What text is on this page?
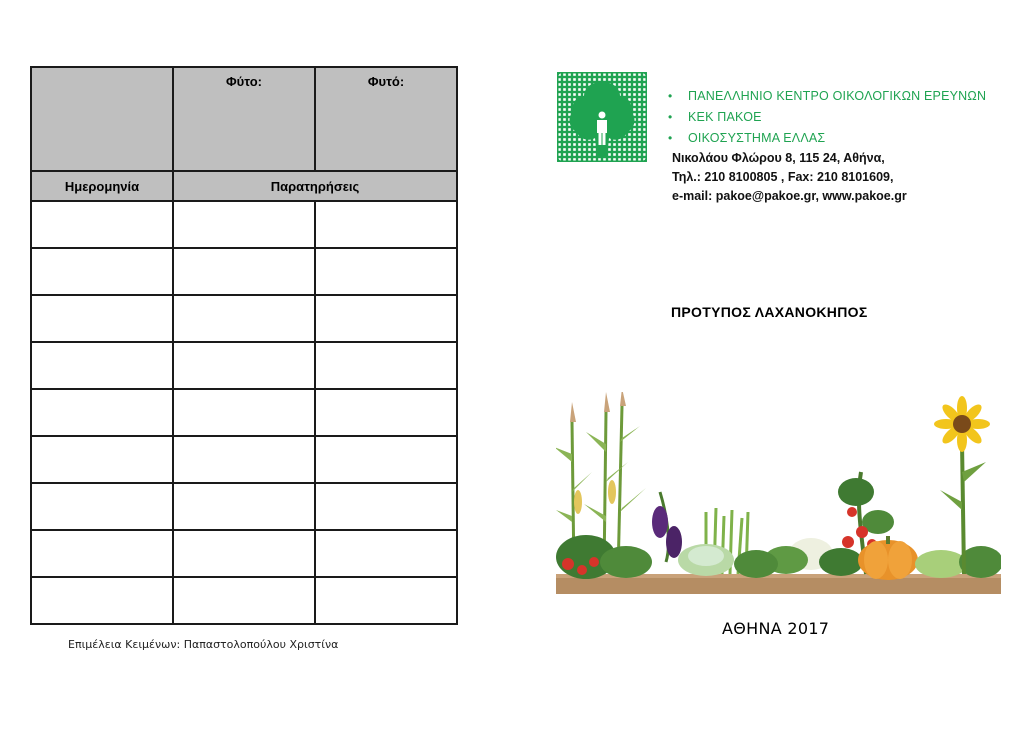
	Φύτο:	Φυτό:
Ημερομηνία	Παρατηρήσεις	

Επιμέλεια Κειμένων: Παπαστολοπούλου Χριστίνα
• ΠΑΝΕΛΛΗΝΙΟ ΚΕΝΤΡΟ ΟΙΚΟΛΟΓΙΚΩΝ ΕΡΕΥΝΩΝ
• ΚΕΚ ΠΑΚΟΕ
• ΟΙΚΟΣΥΣΤΗΜΑ ΕΛΛΑΣ
Νικολάου Φλώρου 8, 115 24, Αθήνα,
Τηλ.: 210 8100805 , Fax: 210 8101609,
e-mail: pakoe@pakoe.gr, www.pakoe.gr
ΠΡΟΤΥΠΟΣ ΛΑΧΑΝΟΚΗΠΟΣ
ΑΘΗΝΑ 2017
